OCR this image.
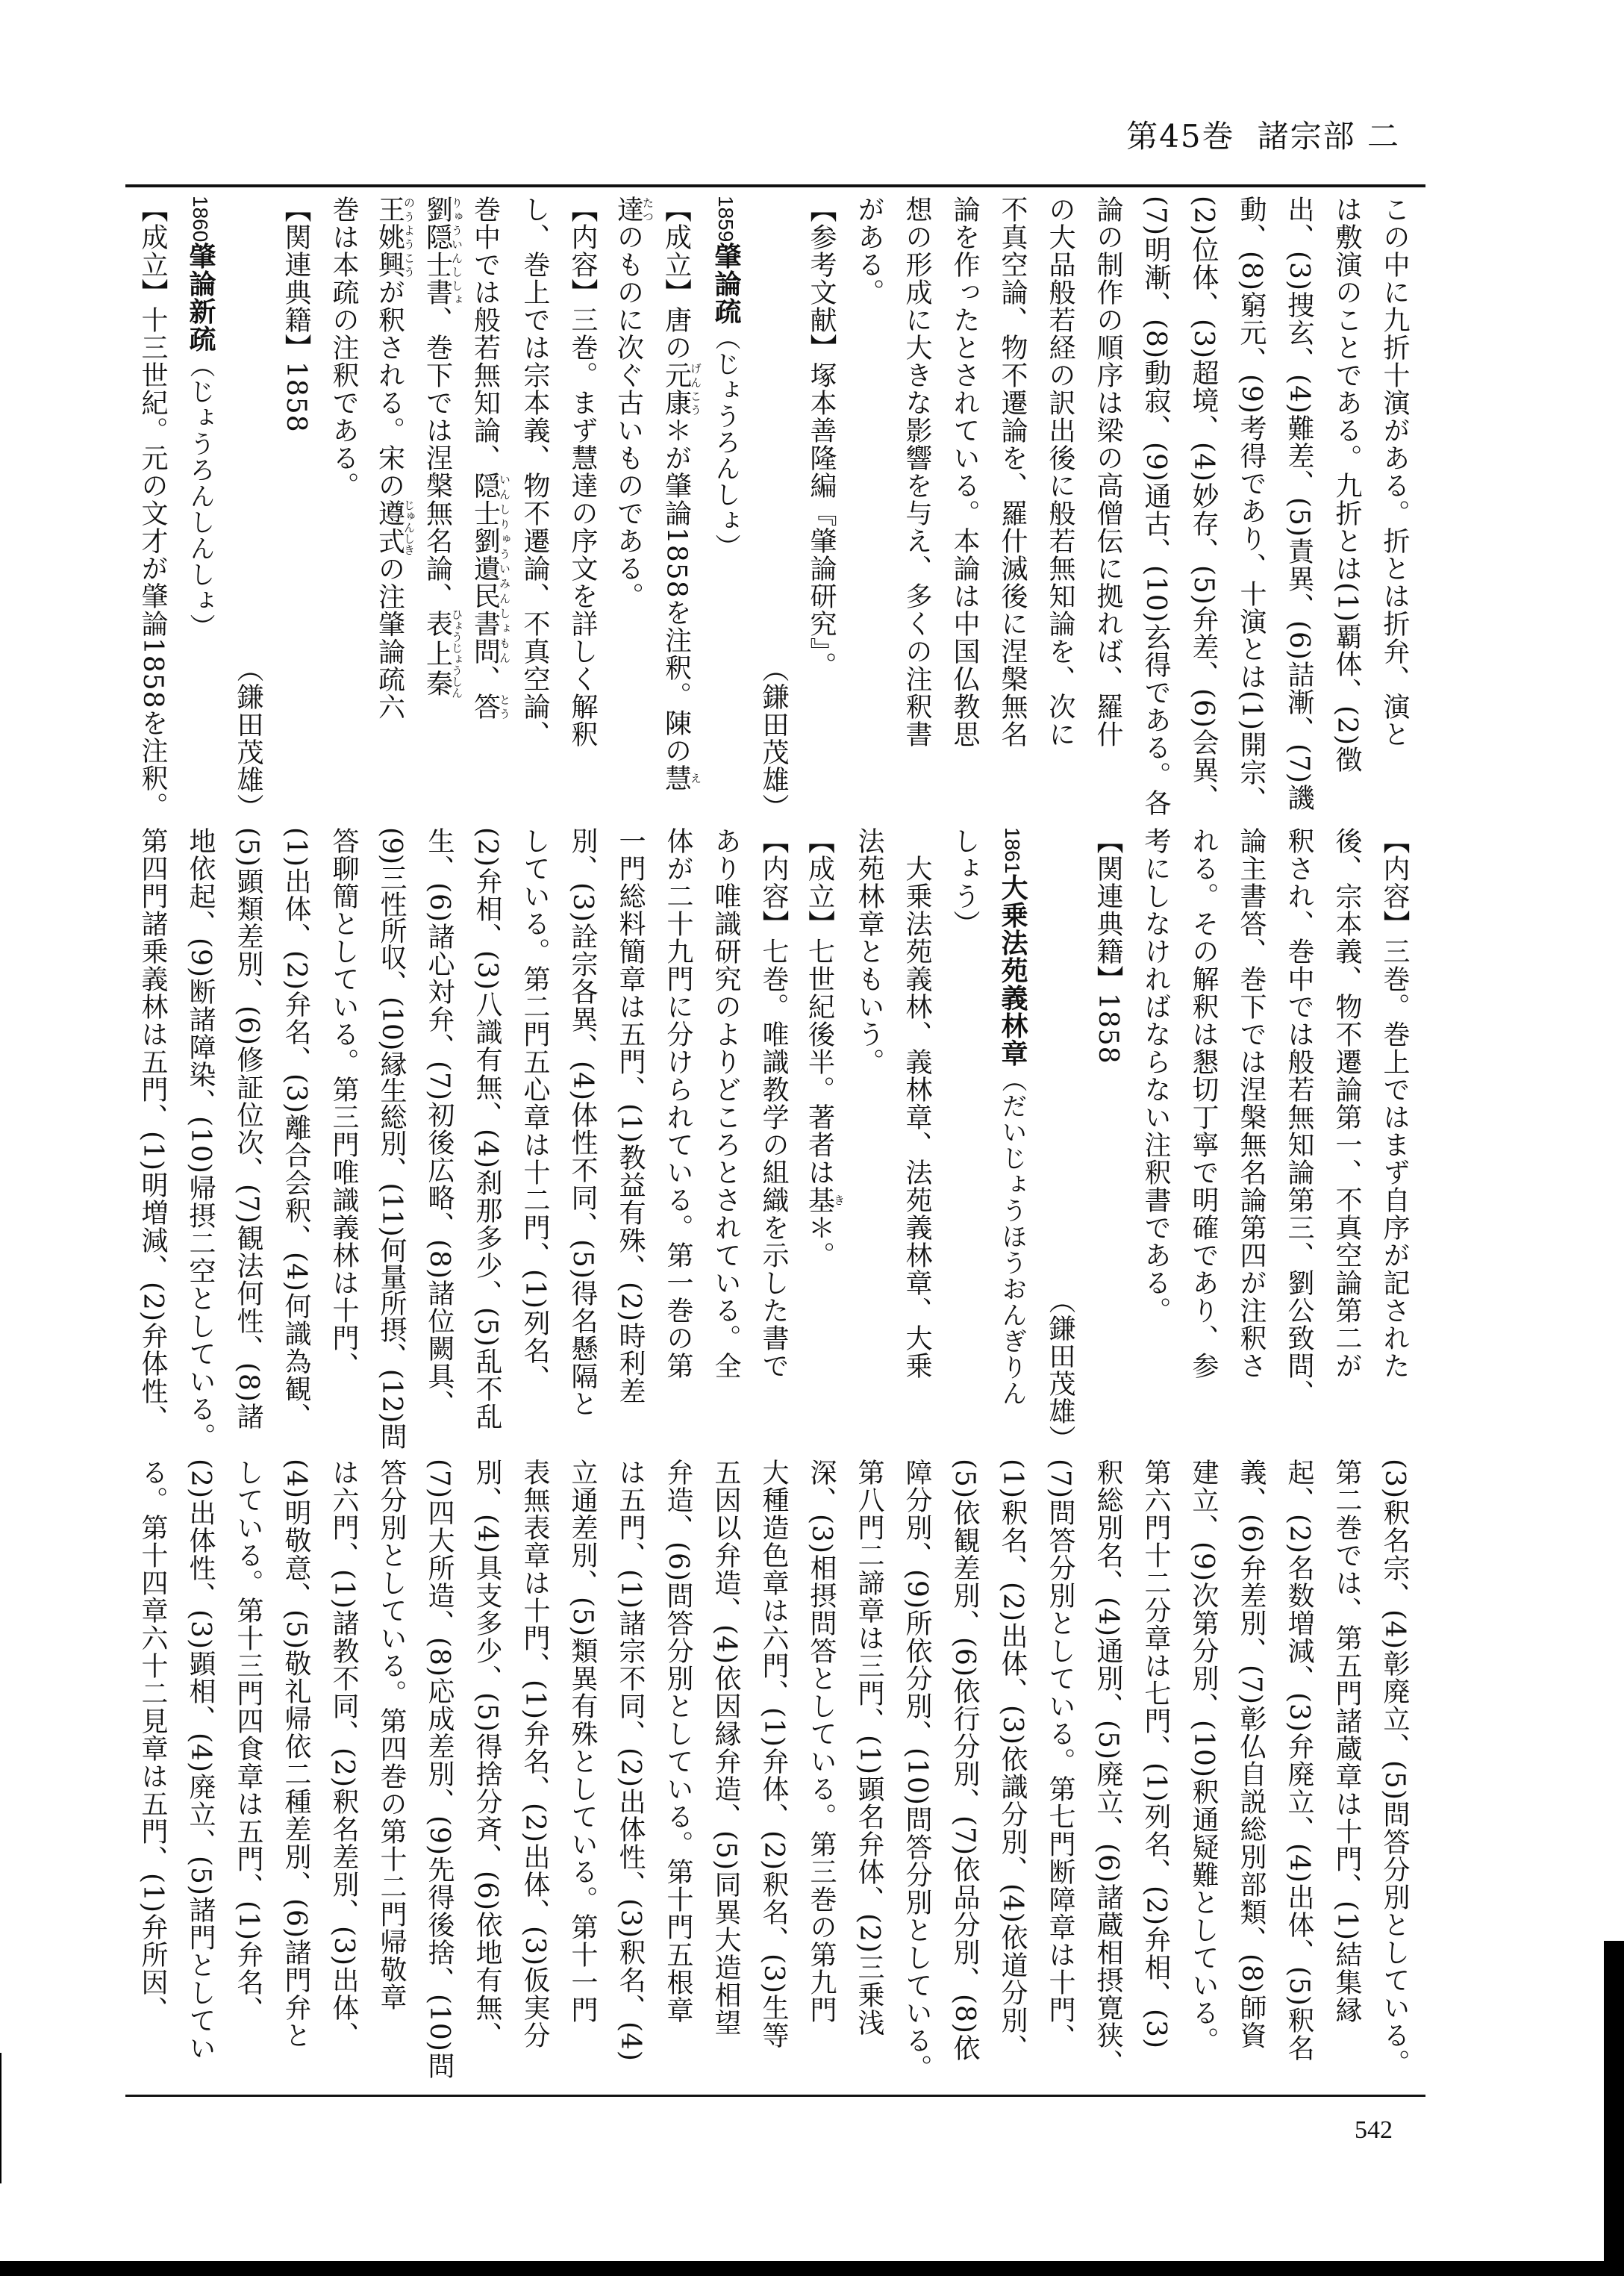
第45巻 諸宗部 二
この中に九折十演がある。折とは折弁、演と
は敷演のことである。九折とは(1)覇体、(2)徴
出、(3)捜玄、(4)難差、(5)責異、(6)詰漸、(7)譏
動、(8)窮元、(9)考得であり、十演とは(1)開宗、
(2)位体、(3)超境、(4)妙存、(5)弁差、(6)会異、
(7)明漸、(8)動寂、(9)通古、(10)玄得である。各
論の制作の順序は梁の高僧伝に拠れば、羅什
の大品般若経の訳出後に般若無知論を、次に
不真空論、物不遷論を、羅什滅後に涅槃無名
論を作ったとされている。本論は中国仏教思
想の形成に大きな影響を与え、多くの注釈書
がある。
【参考文献】塚本善隆編『肇論研究』。
（鎌田茂雄）
1859肇論疏（じょうろんしょ）
【成立】唐の元康げんこう＊が肇論1858を注釈。陳の慧え
達たつのものに次ぐ古いものである。
【内容】三巻。まず慧達の序文を詳しく解釈
し、巻上では宗本義、物不遷論、不真空論、
巻中では般若無知論、隠士劉遺民書問いんしりゅういみんしょもん、答とう
劉隠士書りゅういんししょ、巻下では涅槃無名論、表上秦ひょうじょうしん
王姚興のうようこうが釈される。宋の遵式じゅんしきの注肇論疏六
巻は本疏の注釈である。
【関連典籍】1858
（鎌田茂雄）
1860肇論新疏（じょうろんしんしょ）
【成立】十三世紀。元の文才が肇論1858を注釈。
【内容】三巻。巻上ではまず自序が記された
後、宗本義、物不遷論第一、不真空論第二が
釈され、巻中では般若無知論第三、劉公致問、
論主書答、巻下では涅槃無名論第四が注釈さ
れる。その解釈は懇切丁寧で明確であり、参
考にしなければならない注釈書である。
【関連典籍】1858
（鎌田茂雄）
1861大乗法苑義林章（だいじょうほうおんぎりん
しょう）
　大乗法苑義林、義林章、法苑義林章、大乗
法苑林章ともいう。
【成立】七世紀後半。著者は基き＊。
【内容】七巻。唯識教学の組織を示した書で
あり唯識研究のよりどころとされている。全
体が二十九門に分けられている。第一巻の第
一門総料簡章は五門、(1)教益有殊、(2)時利差
別、(3)詮宗各異、(4)体性不同、(5)得名懸隔と
している。第二門五心章は十二門、(1)列名、
(2)弁相、(3)八識有無、(4)刹那多少、(5)乱不乱
生、(6)諸心対弁、(7)初後広略、(8)諸位闕具、
(9)三性所収、(10)縁生総別、(11)何量所摂、(12)問
答聊簡としている。第三門唯識義林は十門、
(1)出体、(2)弁名、(3)離合会釈、(4)何識為観、
(5)顕類差別、(6)修証位次、(7)観法何性、(8)諸
地依起、(9)断諸障染、(10)帰摂二空としている。
第四門諸乗義林は五門、(1)明増減、(2)弁体性、
(3)釈名宗、(4)彰廃立、(5)問答分別としている。
第二巻では、第五門諸蔵章は十門、(1)結集縁
起、(2)名数増減、(3)弁廃立、(4)出体、(5)釈名
義、(6)弁差別、(7)彰仏自説総別部類、(8)師資
建立、(9)次第分別、(10)釈通疑難としている。
第六門十二分章は七門、(1)列名、(2)弁相、(3)
釈総別名、(4)通別、(5)廃立、(6)諸蔵相摂寛狭、
(7)問答分別としている。第七門断障章は十門、
(1)釈名、(2)出体、(3)依識分別、(4)依道分別、
(5)依観差別、(6)依行分別、(7)依品分別、(8)依
障分別、(9)所依分別、(10)問答分別としている。
第八門二諦章は三門、(1)顕名弁体、(2)三乗浅
深、(3)相摂問答としている。第三巻の第九門
大種造色章は六門、(1)弁体、(2)釈名、(3)生等
五因以弁造、(4)依因縁弁造、(5)同異大造相望
弁造、(6)問答分別としている。第十門五根章
は五門、(1)諸宗不同、(2)出体性、(3)釈名、(4)
立通差別、(5)類異有殊としている。第十一門
表無表章は十門、(1)弁名、(2)出体、(3)仮実分
別、(4)具支多少、(5)得捨分斉、(6)依地有無、
(7)四大所造、(8)応成差別、(9)先得後捨、(10)問
答分別としている。第四巻の第十二門帰敬章
は六門、(1)諸教不同、(2)釈名差別、(3)出体、
(4)明敬意、(5)敬礼帰依二種差別、(6)諸門弁と
している。第十三門四食章は五門、(1)弁名、
(2)出体性、(3)顕相、(4)廃立、(5)諸門としてい
る。第十四章六十二見章は五門、(1)弁所因、
542
